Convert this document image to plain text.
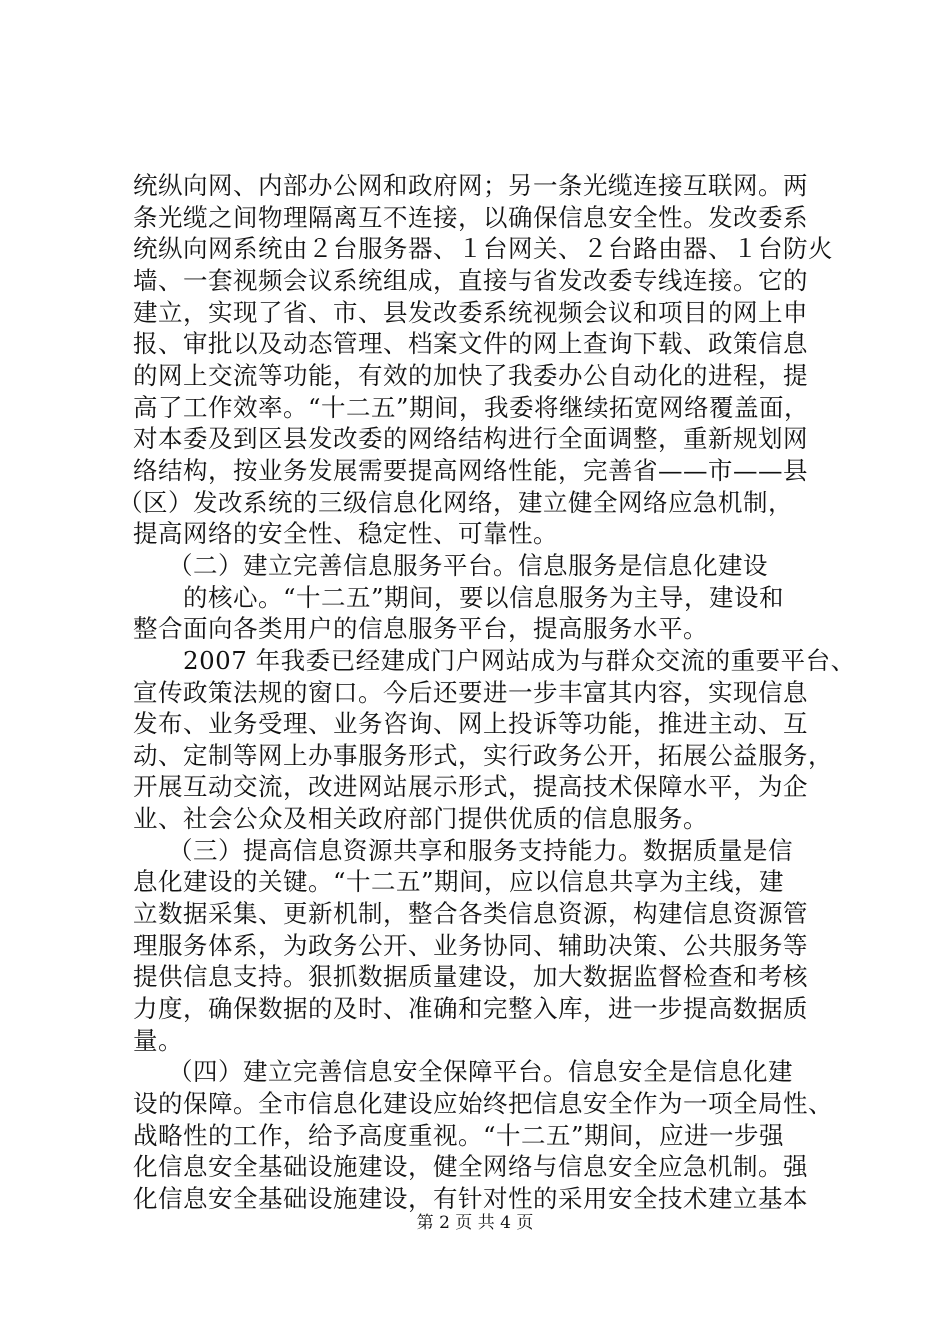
统纵向网、内部办公网和政府网；另一条光缆连接互联网。两
条光缆之间物理隔离互不连接，以确保信息安全性。发改委系
统纵向网系统由２台服务器、１台网关、２台路由器、１台防火
墙、一套视频会议系统组成，直接与省发改委专线连接。它的
建立，实现了省、市、县发改委系统视频会议和项目的网上申
报、审批以及动态管理、档案文件的网上查询下载、政策信息
的网上交流等功能，有效的加快了我委办公自动化的进程，提
高了工作效率。“十二五”期间，我委将继续拓宽网络覆盖面，
对本委及到区县发改委的网络结构进行全面调整，重新规划网
络结构，按业务发展需要提高网络性能，完善省——市——县
（区）发改系统的三级信息化网络，建立健全网络应急机制，
提高网络的安全性、稳定性、可靠性。
（二）建立完善信息服务平台。信息服务是信息化建设
的核心。“十二五”期间，要以信息服务为主导，建设和
整合面向各类用户的信息服务平台，提高服务水平。
2007 年我委已经建成门户网站成为与群众交流的重要平台、
宣传政策法规的窗口。今后还要进一步丰富其内容，实现信息
发布、业务受理、业务咨询、网上投诉等功能，推进主动、互
动、定制等网上办事服务形式，实行政务公开，拓展公益服务，
开展互动交流，改进网站展示形式，提高技术保障水平，为企
业、社会公众及相关政府部门提供优质的信息服务。
（三）提高信息资源共享和服务支持能力。数据质量是信
息化建设的关键。“十二五”期间，应以信息共享为主线，建
立数据采集、更新机制，整合各类信息资源，构建信息资源管
理服务体系，为政务公开、业务协同、辅助决策、公共服务等
提供信息支持。狠抓数据质量建设，加大数据监督检查和考核
力度，确保数据的及时、准确和完整入库，进一步提高数据质
量。
（四）建立完善信息安全保障平台。信息安全是信息化建
设的保障。全市信息化建设应始终把信息安全作为一项全局性、
战略性的工作，给予高度重视。“十二五”期间，应进一步强
化信息安全基础设施建设，健全网络与信息安全应急机制。强
化信息安全基础设施建设，有针对性的采用安全技术建立基本
第 2 页 共 4 页
